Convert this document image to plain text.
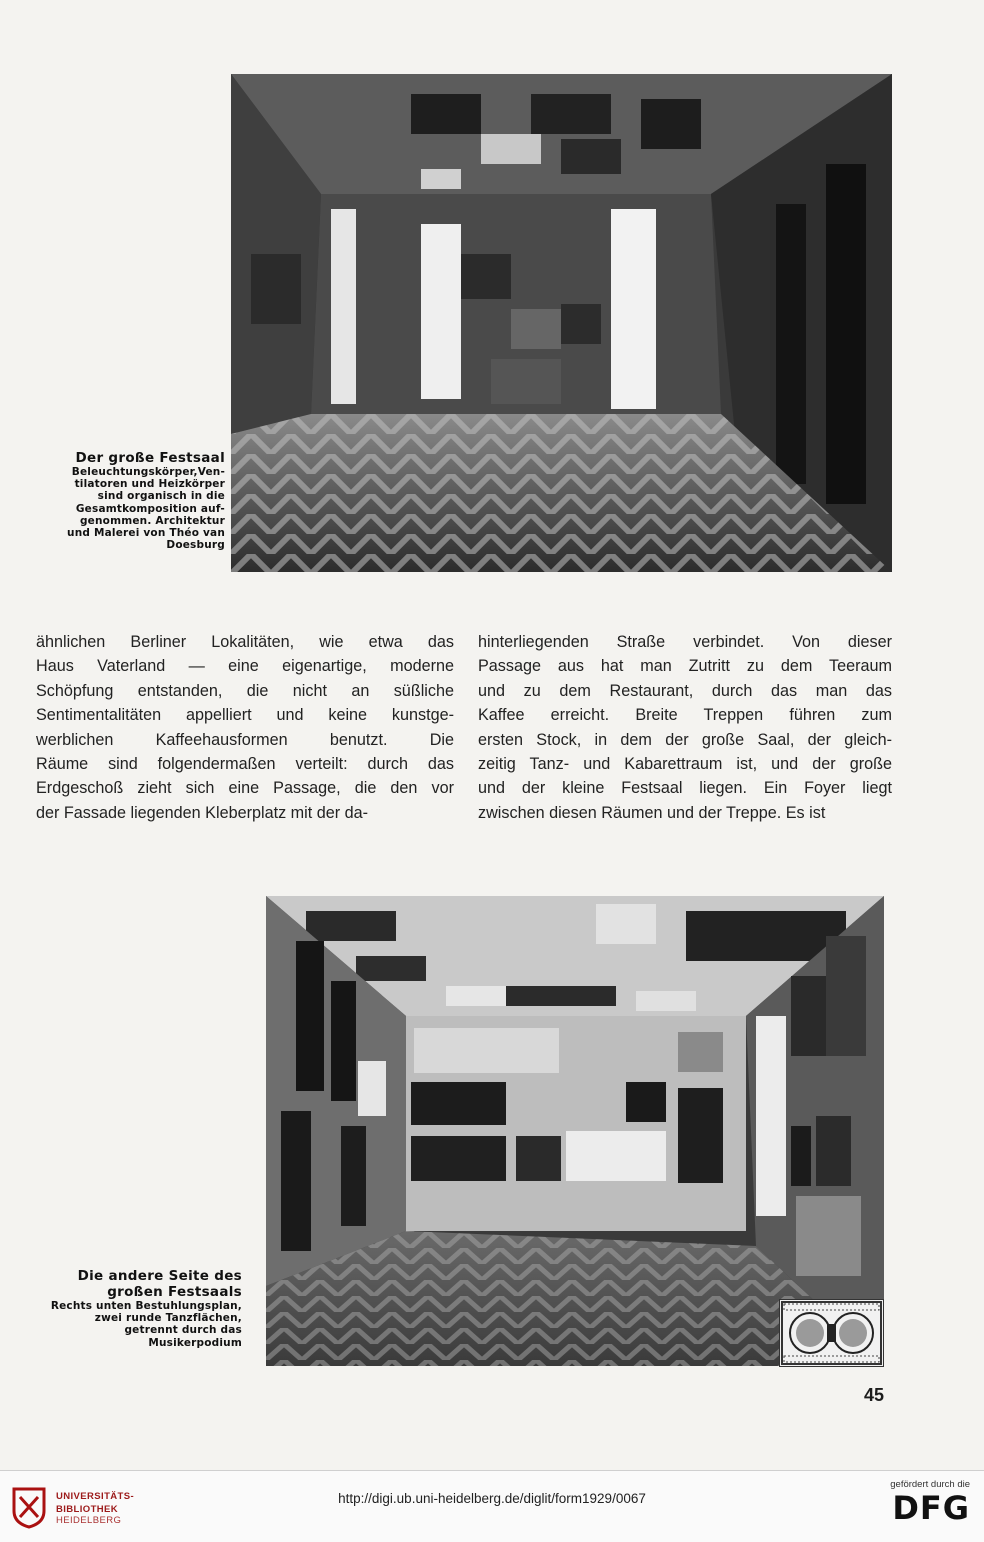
Der große Festsaal
Beleuchtungskörper,Ven-
tilatoren und Heizkörper
sind organisch in die
Gesamtkomposition auf-
genommen. Architektur
und Malerei von Théo van
Doesburg
ähnlichen Berliner Lokalitäten, wie etwa das
Haus Vaterland — eine eigenartige, moderne
Schöpfung entstanden, die nicht an süßliche
Sentimentalitäten appelliert und keine kunstge-
werblichen Kaffeehausformen benutzt. Die
Räume sind folgendermaßen verteilt: durch das
Erdgeschoß zieht sich eine Passage, die den vor
der Fassade liegenden Kleberplatz mit der da-
hinterliegenden Straße verbindet. Von dieser
Passage aus hat man Zutritt zu dem Teeraum
und zu dem Restaurant, durch das man das
Kaffee erreicht. Breite Treppen führen zum
ersten Stock, in dem der große Saal, der gleich-
zeitig Tanz- und Kabarettraum ist, und der große
und der kleine Festsaal liegen. Ein Foyer liegt
zwischen diesen Räumen und der Treppe. Es ist
Die andere Seite des
großen Festsaals
Rechts unten Bestuhlungsplan,
zwei runde Tanzflächen,
getrennt durch das
Musikerpodium
45
UNIVERSITÄTS-
BIBLIOTHEK
HEIDELBERG
http://digi.ub.uni-heidelberg.de/diglit/form1929/0067
gefördert durch die
DFG
